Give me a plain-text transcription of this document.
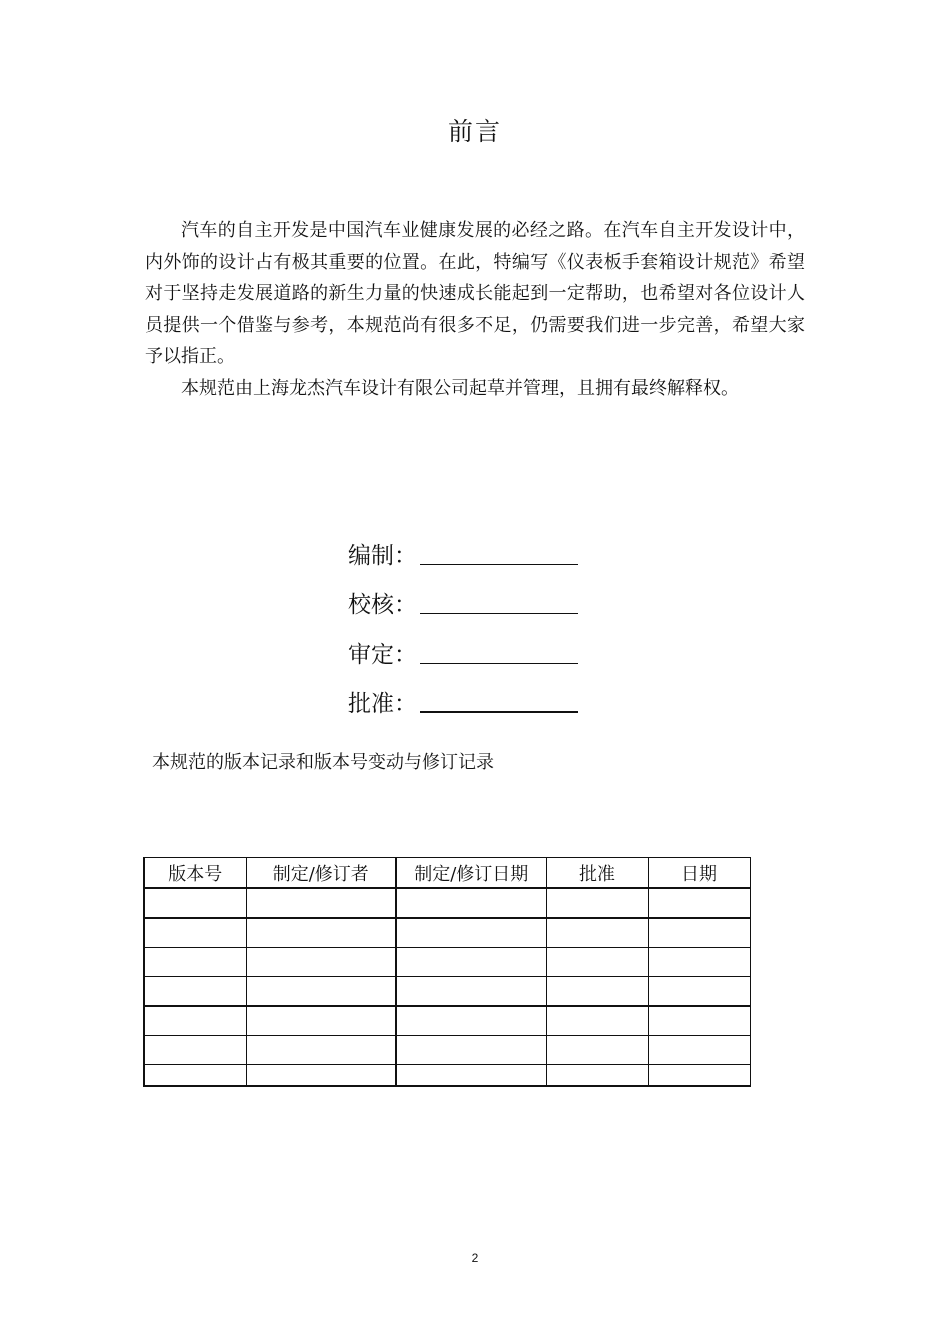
前言

汽车的自主开发是中国汽车业健康发展的必经之路。在汽车自主开发设计中，内外饰的设计占有极其重要的位置。在此，特编写《仪表板手套箱设计规范》希望对于坚持走发展道路的新生力量的快速成长能起到一定帮助，也希望对各位设计人员提供一个借鉴与参考，本规范尚有很多不足，仍需要我们进一步完善，希望大家予以指正。

本规范由上海龙杰汽车设计有限公司起草并管理，且拥有最终解释权。

编制：
校核：
审定：
批准：
本规范的版本记录和版本号变动与修订记录
版本号	制定/修订者	制定/修订日期	批准	日期

2
